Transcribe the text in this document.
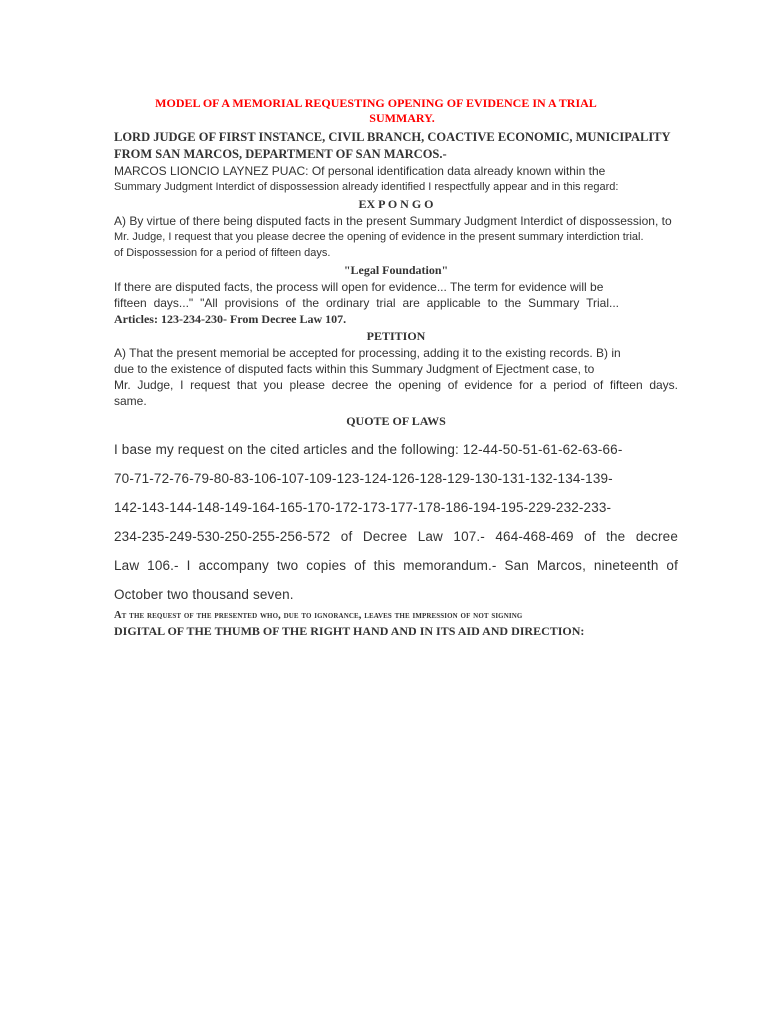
MODEL OF A MEMORIAL REQUESTING OPENING OF EVIDENCE IN A TRIAL
SUMMARY.

LORD JUDGE OF FIRST INSTANCE, CIVIL BRANCH, COACTIVE ECONOMIC, MUNICIPALITY
FROM SAN MARCOS, DEPARTMENT OF SAN MARCOS.-

MARCOS LIONCIO LAYNEZ PUAC: Of personal identification data already known within the
Summary Judgment Interdict of dispossession already identified I respectfully appear and in this regard:

EX P O N G O

A) By virtue of there being disputed facts in the present Summary Judgment Interdict of dispossession, to
Mr. Judge, I request that you please decree the opening of evidence in the present summary interdiction trial.
of Dispossession for a period of fifteen days.

"Legal Foundation"

If there are disputed facts, the process will open for evidence... The term for evidence will be
fifteen days..." "All provisions of the ordinary trial are applicable to the Summary Trial...

Articles: 123-234-230- From Decree Law 107.

PETITION

A) That the present memorial be accepted for processing, adding it to the existing records. B) in
due to the existence of disputed facts within this Summary Judgment of Ejectment case, to
Mr. Judge, I request that you please decree the opening of evidence for a period of fifteen days.
same.

QUOTE OF LAWS

I base my request on the cited articles and the following: 12-44-50-51-61-62-63-66-
70-71-72-76-79-80-83-106-107-109-123-124-126-128-129-130-131-132-134-139-
142-143-144-148-149-164-165-170-172-173-177-178-186-194-195-229-232-233-
234-235-249-530-250-255-256-572 of Decree Law 107.- 464-468-469 of the decree
Law 106.- I accompany two copies of this memorandum.- San Marcos, nineteenth of
October two thousand seven.

At the request of the presented who, due to ignorance, leaves the impression of not signing

DIGITAL OF THE THUMB OF THE RIGHT HAND AND IN ITS AID AND DIRECTION:
